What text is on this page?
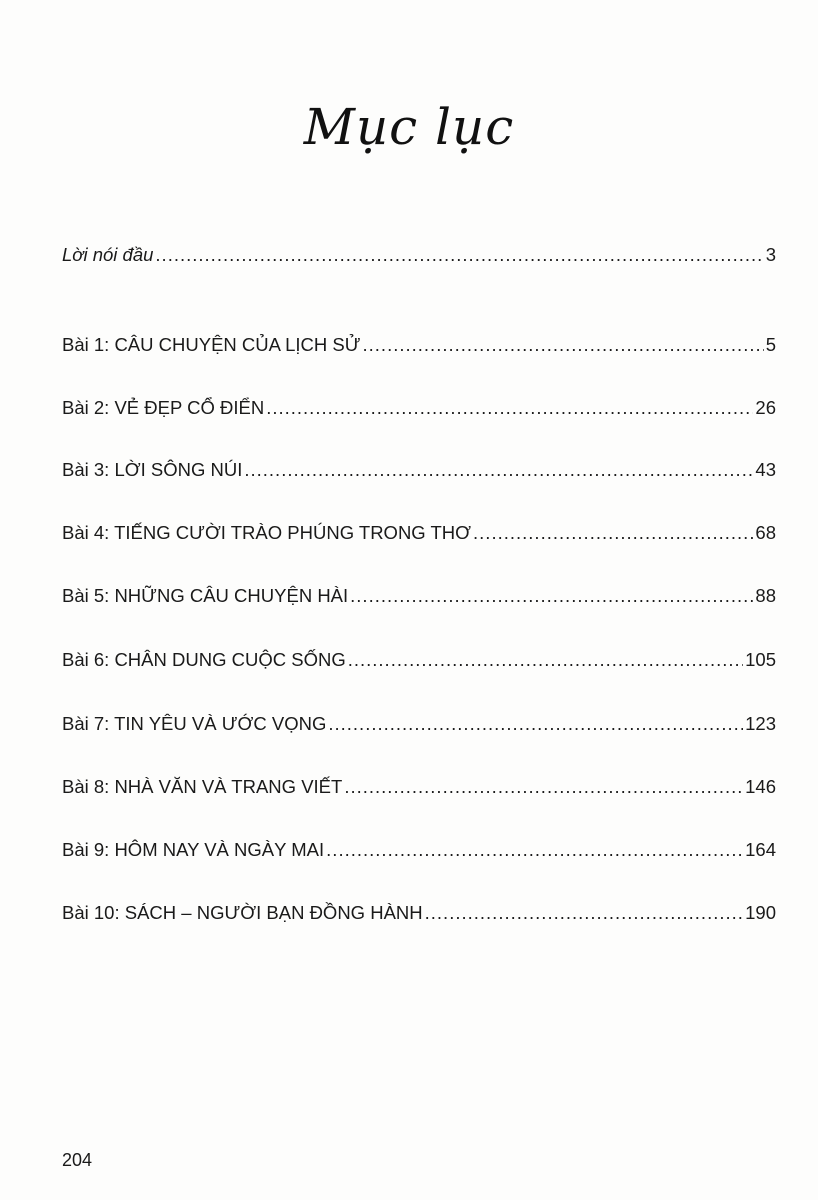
Mục lục
Lời nói đầu .....	3
Bài 1: CÂU CHUYỆN CỦA LỊCH SỬ .....	5
Bài 2: VẺ ĐẸP CỔ ĐIỂN .....	26
Bài 3: LỜI SÔNG NÚI .....	43
Bài 4: TIẾNG CƯỜI TRÀO PHÚNG TRONG THƠ .....	68
Bài 5: NHỮNG CÂU CHUYỆN HÀI .....	88
Bài 6: CHÂN DUNG CUỘC SỐNG .....	105
Bài 7: TIN YÊU VÀ ƯỚC VỌNG .....	123
Bài 8: NHÀ VĂN VÀ TRANG VIẾT .....	146
Bài 9: HÔM NAY VÀ NGÀY MAI .....	164
Bài 10: SÁCH – NGƯỜI BẠN ĐỒNG HÀNH .....	190
204
